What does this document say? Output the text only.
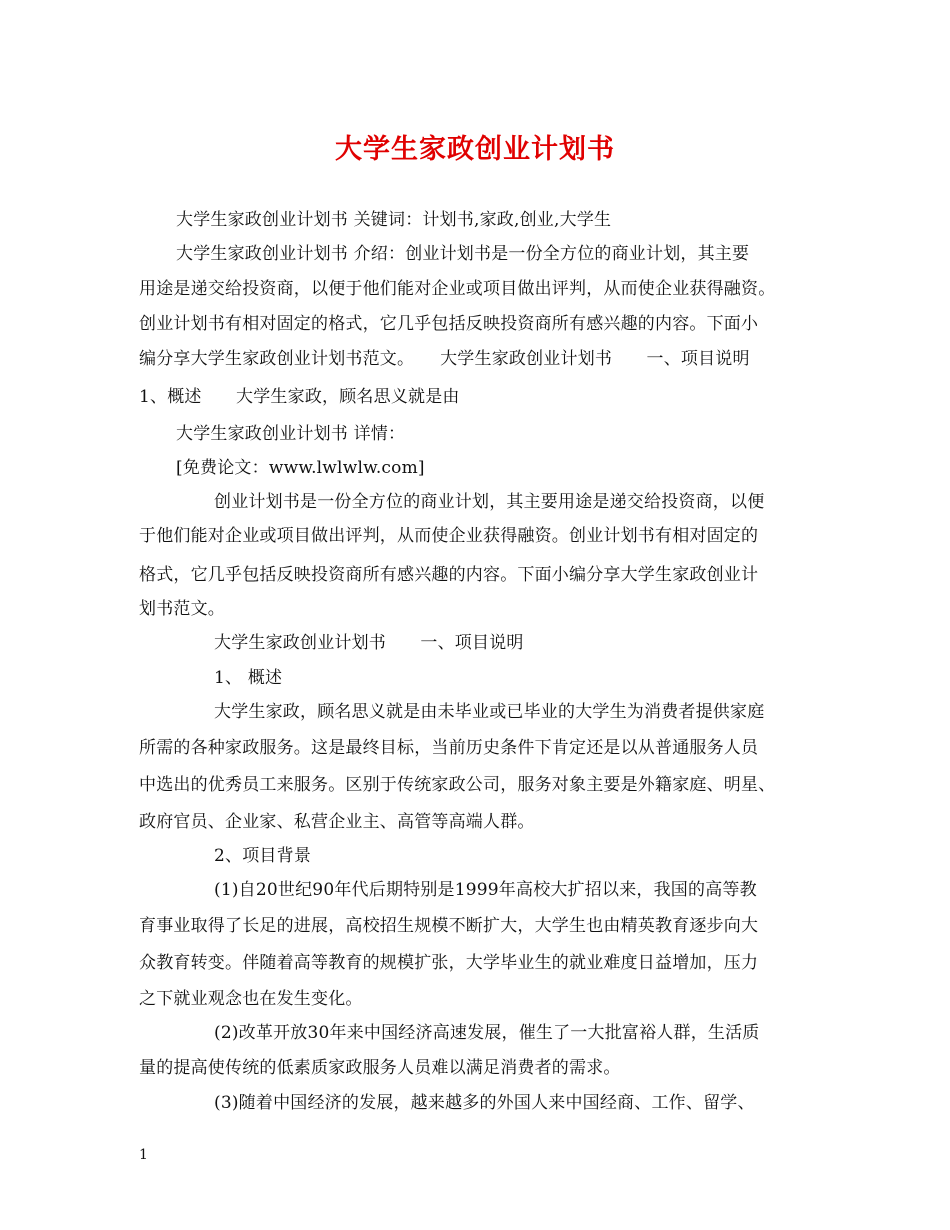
大学生家政创业计划书
大学生家政创业计划书 关键词：计划书,家政,创业,大学生
大学生家政创业计划书 介绍：创业计划书是一份全方位的商业计划，其主要
用途是递交给投资商，以便于他们能对企业或项目做出评判，从而使企业获得融资。
创业计划书有相对固定的格式，它几乎包括反映投资商所有感兴趣的内容。下面小
编分享大学生家政创业计划书范文。　　大学生家政创业计划书　　一、项目说明
1、概述　　大学生家政，顾名思义就是由
大学生家政创业计划书 详情：
[免费论文：www.lwlwlw.com]
创业计划书是一份全方位的商业计划，其主要用途是递交给投资商，以便
于他们能对企业或项目做出评判，从而使企业获得融资。创业计划书有相对固定的
格式，它几乎包括反映投资商所有感兴趣的内容。下面小编分享大学生家政创业计
划书范文。
大学生家政创业计划书　　一、项目说明
1、 概述
大学生家政，顾名思义就是由未毕业或已毕业的大学生为消费者提供家庭
所需的各种家政服务。这是最终目标，当前历史条件下肯定还是以从普通服务人员
中选出的优秀员工来服务。区别于传统家政公司，服务对象主要是外籍家庭、明星、
政府官员、企业家、私营企业主、高管等高端人群。
2、项目背景
(1)自20世纪90年代后期特别是1999年高校大扩招以来，我国的高等教
育事业取得了长足的进展，高校招生规模不断扩大，大学生也由精英教育逐步向大
众教育转变。伴随着高等教育的规模扩张，大学毕业生的就业难度日益增加，压力
之下就业观念也在发生变化。
(2)改革开放30年来中国经济高速发展，催生了一大批富裕人群，生活质
量的提高使传统的低素质家政服务人员难以满足消费者的需求。
(3)随着中国经济的发展，越来越多的外国人来中国经商、工作、留学、
1
